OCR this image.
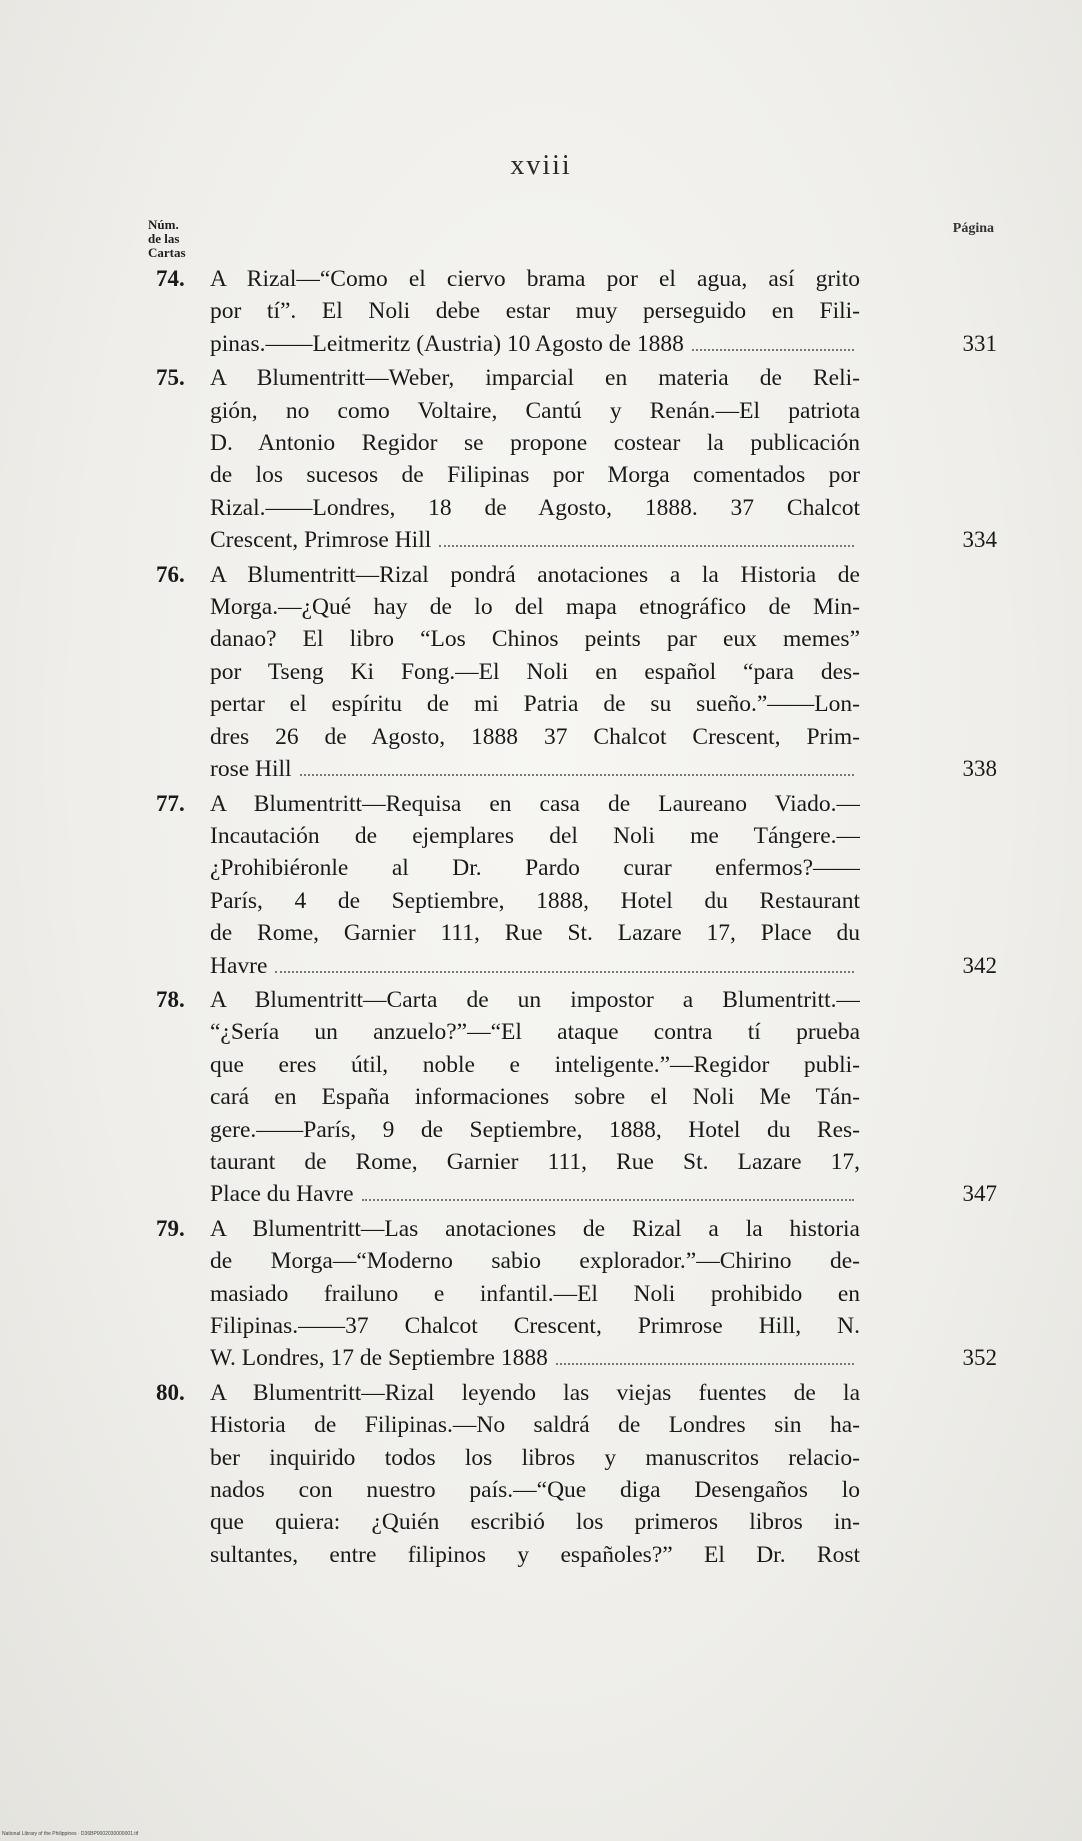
xviii
Núm.
de las
Cartas
Página
74. A Rizal—“Como el ciervo brama por el agua, así grito
por tí”. El Noli debe estar muy perseguido en Fili-
pinas.——Leitmeritz (Austria) 10 Agosto de 1888	331
75. A Blumentritt—Weber, imparcial en materia de Reli-
gión, no como Voltaire, Cantú y Renán.—El patriota
D. Antonio Regidor se propone costear la publicación
de los sucesos de Filipinas por Morga comentados por
Rizal.——Londres, 18 de Agosto, 1888. 37 Chalcot
Crescent, Primrose Hill	334
76. A Blumentritt—Rizal pondrá anotaciones a la Historia de
Morga.—¿Qué hay de lo del mapa etnográfico de Min-
danao? El libro “Los Chinos peints par eux memes”
por Tseng Ki Fong.—El Noli en español “para des-
pertar el espíritu de mi Patria de su sueño.”——Lon-
dres 26 de Agosto, 1888 37 Chalcot Crescent, Prim-
rose Hill	338
77. A Blumentritt—Requisa en casa de Laureano Viado.—
Incautación de ejemplares del Noli me Tángere.—
¿Prohibiéronle al Dr. Pardo curar enfermos?——
París, 4 de Septiembre, 1888, Hotel du Restaurant
de Rome, Garnier 111, Rue St. Lazare 17, Place du
Havre	342
78. A Blumentritt—Carta de un impostor a Blumentritt.—
“¿Sería un anzuelo?”—“El ataque contra tí prueba
que eres útil, noble e inteligente.”—Regidor publi-
cará en España informaciones sobre el Noli Me Tán-
gere.——París, 9 de Septiembre, 1888, Hotel du Res-
taurant de Rome, Garnier 111, Rue St. Lazare 17,
Place du Havre	347
79. A Blumentritt—Las anotaciones de Rizal a la historia
de Morga—“Moderno sabio explorador.”—Chirino de-
masiado frailuno e infantil.—El Noli prohibido en
Filipinas.——37 Chalcot Crescent, Primrose Hill, N.
W. Londres, 17 de Septiembre 1888	352
80. A Blumentritt—Rizal leyendo las viejas fuentes de la
Historia de Filipinas.—No saldrá de Londres sin ha-
ber inquirido todos los libros y manuscritos relacio-
nados con nuestro país.—“Que diga Desengaños lo
que quiera: ¿Quién escribió los primeros libros in-
sultantes, entre filipinos y españoles?” El Dr. Rost
National Library of the Philippines · D36BP0002030000001.tif
